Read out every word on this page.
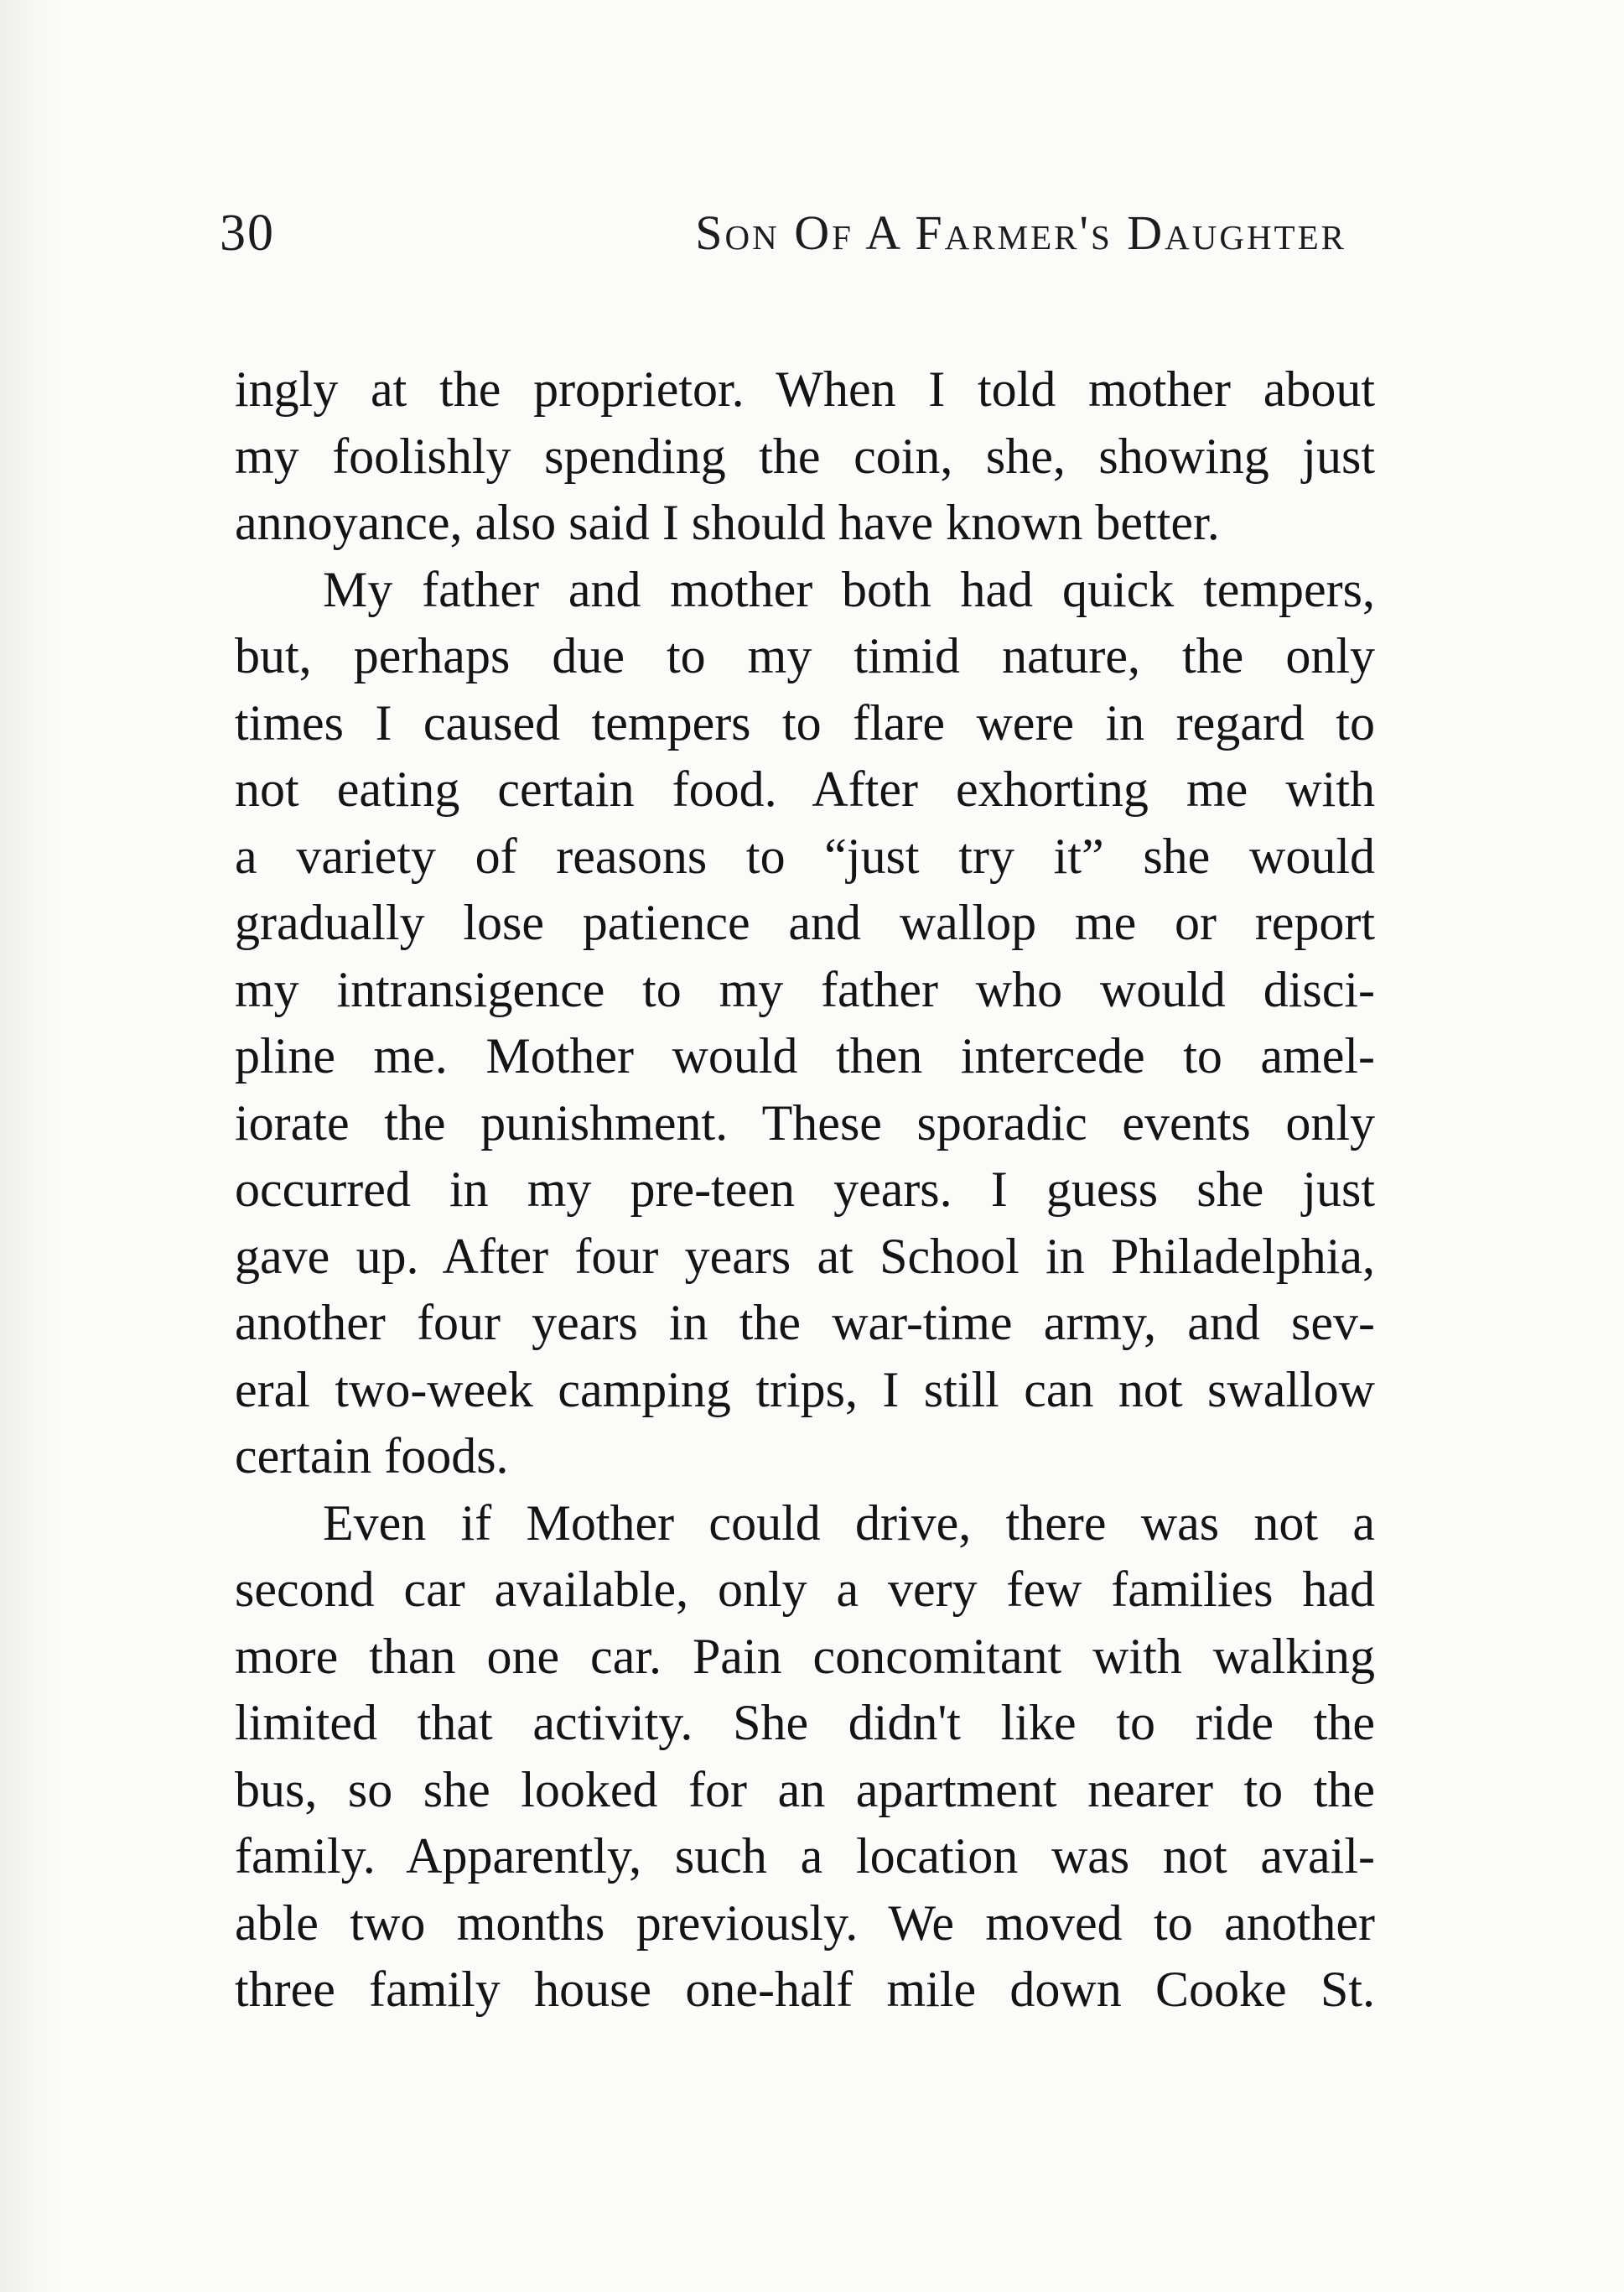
30	Son Of A Farmer's Daughter
ingly at the proprietor. When I told mother about
my foolishly spending the coin, she, showing just
annoyance, also said I should have known better.
My father and mother both had quick tempers,
but, perhaps due to my timid nature, the only
times I caused tempers to flare were in regard to
not eating certain food. After exhorting me with
a variety of reasons to “just try it” she would
gradually lose patience and wallop me or report
my intransigence to my father who would disci-
pline me. Mother would then intercede to amel-
iorate the punishment. These sporadic events only
occurred in my pre-teen years. I guess she just
gave up. After four years at School in Philadelphia,
another four years in the war-time army, and sev-
eral two-week camping trips, I still can not swallow
certain foods.
Even if Mother could drive, there was not a
second car available, only a very few families had
more than one car. Pain concomitant with walking
limited that activity. She didn't like to ride the
bus, so she looked for an apartment nearer to the
family. Apparently, such a location was not avail-
able two months previously. We moved to another
three family house one-half mile down Cooke St.
